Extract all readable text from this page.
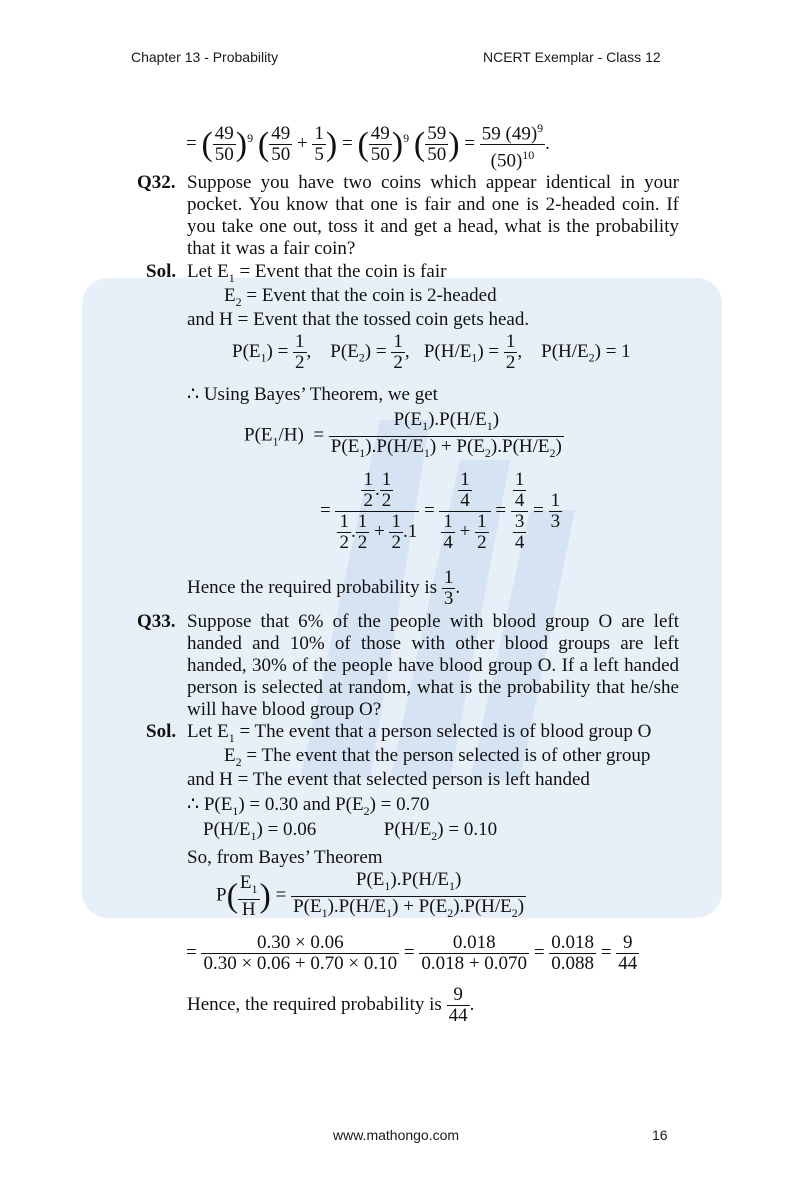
Chapter 13 - Probability	NCERT Exemplar - Class 12
= ( $\frac{49}{50} )^9$ ( $\frac{49}{50} + \frac{1}{5}$ ) = ( $\frac{49}{50} )^9$ ( $\frac{59}{50}$ ) = $\frac{59 (49)^9}{(50)^{10}}$ .
Q32. Suppose you have two coins which appear identical in your pocket. You know that one is fair and one is 2-headed coin. If you take one out, toss it and get a head, what is the probability that it was a fair coin?
Sol. Let $E_1$ = Event that the coin is fair
$E_2$ = Event that the coin is 2-headed
and H = Event that the tossed coin gets head.
$P(E_1) = \frac{1}{2}$ ,    $P(E_2) = \frac{1}{2}$ ,   $P(H/E_1) = \frac{1}{2}$ ,    $P(H/E_2) = 1$
∴ Using Bayes’ Theorem, we get
$P(E_1/H) = \frac{P(E_1).P(H/E_1)}{P(E_1).P(H/E_1) + P(E_2).P(H/E_2)}$
= $\frac{\frac{1}{2} . \frac{1}{2}}{\frac{1}{2} . \frac{1}{2} + \frac{1}{2} .1} = \frac{\frac{1}{4}}{\frac{1}{4} + \frac{1}{2}} = \frac{\frac{1}{4}}{\frac{3}{4}} = \frac{1}{3}$
Hence the required probability is $\frac{1}{3}$ .
Q33. Suppose that 6% of the people with blood group O are left handed and 10% of those with other blood groups are left handed, 30% of the people have blood group O. If a left handed person is selected at random, what is the probability that he/she will have blood group O?
Sol. Let $E_1$ = The event that a person selected is of blood group O
$E_2$ = The event that the person selected is of other group
and H = The event that selected person is left handed
∴ $P(E_1) = 0.30$ and $P(E_2) = 0.70$
$P(H/E_1) = 0.06$	$P(H/E_2) = 0.10$
So, from Bayes’ Theorem
$P( \frac{E_1}{H}$ ) = $\frac{P(E_1).P(H/E_1)}{P(E_1).P(H/E_1) + P(E_2).P(H/E_2)}$
= $\frac{0.30 \times 0.06}{0.30 \times 0.06 + 0.70 \times 0.10} = \frac{0.018}{0.018 + 0.070} = \frac{0.018}{0.088} = \frac{9}{44}$
Hence, the required probability is $\frac{9}{44}$ .
www.mathongo.com	16
